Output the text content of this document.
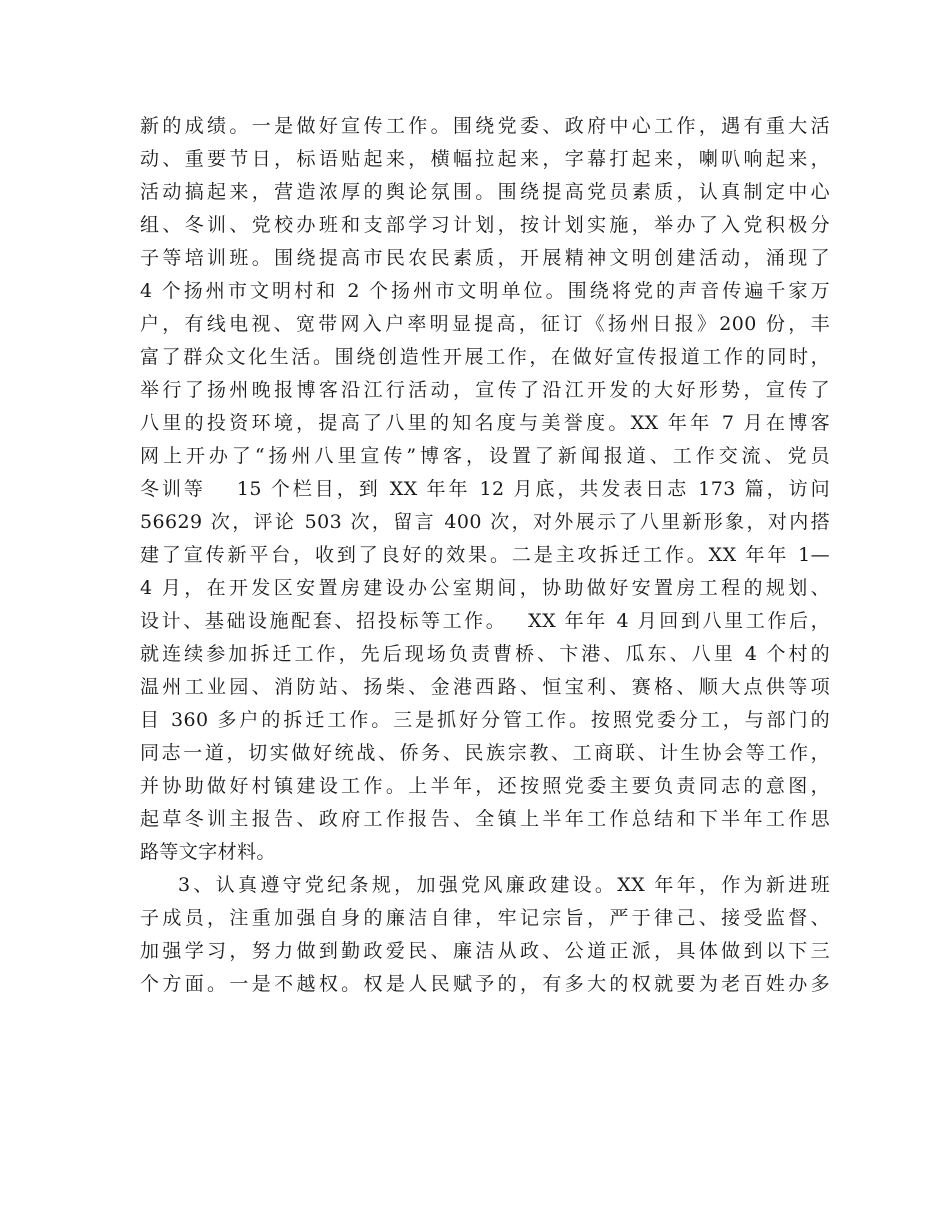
新的成绩。一是做好宣传工作。围绕党委、政府中心工作，遇有重大活
动、重要节日，标语贴起来，横幅拉起来，字幕打起来，喇叭响起来，
活动搞起来，营造浓厚的舆论氛围。围绕提高党员素质，认真制定中心
组、冬训、党校办班和支部学习计划，按计划实施，举办了入党积极分
子等培训班。围绕提高市民农民素质，开展精神文明创建活动，涌现了
4 个扬州市文明村和 2 个扬州市文明单位。围绕将党的声音传遍千家万
户，有线电视、宽带网入户率明显提高，征订《扬州日报》200 份，丰
富了群众文化生活。围绕创造性开展工作，在做好宣传报道工作的同时，
举行了扬州晚报博客沿江行活动，宣传了沿江开发的大好形势，宣传了
八里的投资环境，提高了八里的知名度与美誉度。XX 年年 7 月在博客
网上开办了“扬州八里宣传”博客，设置了新闻报道、工作交流、党员
冬训等　 15 个栏目，到 XX 年年 12 月底，共发表日志 173 篇，访问
56629 次，评论 503 次，留言 400 次，对外展示了八里新形象，对内搭
建了宣传新平台，收到了良好的效果。二是主攻拆迁工作。XX 年年 1—
4 月，在开发区安置房建设办公室期间，协助做好安置房工程的规划、
设计、基础设施配套、招投标等工作。　 XX 年年 4 月回到八里工作后，
就连续参加拆迁工作，先后现场负责曹桥、卞港、瓜东、八里 4 个村的
温州工业园、消防站、扬柴、金港西路、恒宝利、赛格、顺大点供等项
目 360 多户的拆迁工作。三是抓好分管工作。按照党委分工，与部门的
同志一道，切实做好统战、侨务、民族宗教、工商联、计生协会等工作，
并协助做好村镇建设工作。上半年，还按照党委主要负责同志的意图，
起草冬训主报告、政府工作报告、全镇上半年工作总结和下半年工作思
路等文字材料。
3、认真遵守党纪条规，加强党风廉政建设。XX 年年，作为新进班
子成员，注重加强自身的廉洁自律，牢记宗旨，严于律己、接受监督、
加强学习，努力做到勤政爱民、廉洁从政、公道正派，具体做到以下三
个方面。一是不越权。权是人民赋予的，有多大的权就要为老百姓办多
